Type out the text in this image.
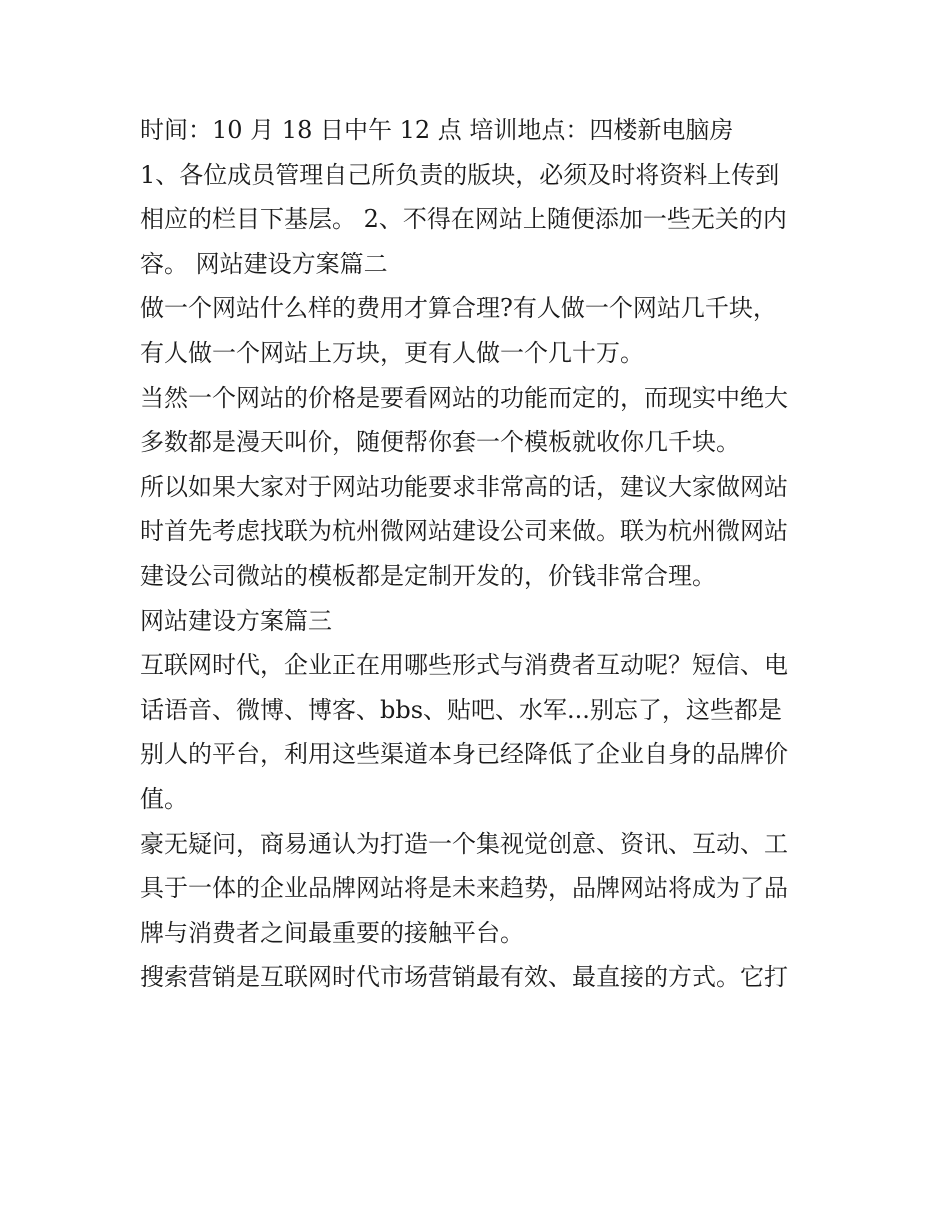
时间：10 月 18 日中午 12 点 培训地点：四楼新电脑房

1、各位成员管理自己所负责的版块，必须及时将资料上传到

相应的栏目下基层。 2、不得在网站上随便添加一些无关的内

容。 网站建设方案篇二

做一个网站什么样的费用才算合理?有人做一个网站几千块，

有人做一个网站上万块，更有人做一个几十万。

当然一个网站的价格是要看网站的功能而定的，而现实中绝大

多数都是漫天叫价，随便帮你套一个模板就收你几千块。

所以如果大家对于网站功能要求非常高的话，建议大家做网站

时首先考虑找联为杭州微网站建设公司来做。联为杭州微网站

建设公司微站的模板都是定制开发的，价钱非常合理。

网站建设方案篇三

互联网时代，企业正在用哪些形式与消费者互动呢？短信、电

话语音、微博、博客、bbs、贴吧、水军...别忘了，这些都是

别人的平台，利用这些渠道本身已经降低了企业自身的品牌价

值。

豪无疑问，商易通认为打造一个集视觉创意、资讯、互动、工

具于一体的企业品牌网站将是未来趋势，品牌网站将成为了品

牌与消费者之间最重要的接触平台。

搜索营销是互联网时代市场营销最有效、最直接的方式。它打
